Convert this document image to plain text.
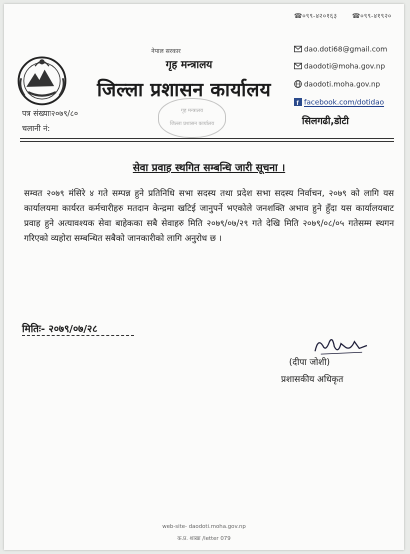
☎०९९-४२०१६३ ☎०९९-४१९२०
नेपाल सरकार
गृह मन्त्रालय
जिल्ला प्रशासन कार्यालय
गृह मन्त्रालय
जिल्ला प्रशासन कार्यालय
dao.doti68@gmail.com
daodoti@moha.gov.np
daodoti.moha.gov.np
f facebook.com/dotidao
पत्र संख्याः२०७९/८०
चलानी नं:
सिलगढी,डोटी
सेवा प्रवाह स्थगित सम्बन्धि जारी सूचना ।

सम्वत २०७९ मंसिरे ४ गते सम्पन्न हुने प्रतिनिधि सभा सदस्य तथा प्रदेश सभा सदस्य निर्वाचन, २०७९ को लागि यस कार्यालयमा कार्यरत कर्मचारीहरु मतदान केन्द्रमा खटिई जानुपर्ने भएकोले जनशक्ति अभाव हुने हुँदा यस कार्यालयबाट प्रवाह हुने अत्यावश्यक सेवा बाहेकका सबै सेवाहरु मिति २०७९/०७/२९ गते देखि मिति २०७९/०८/०५ गतेसम्म स्थगन गरिएको व्यहोरा सम्बन्धित सबैको जानकारीको लागि अनुरोध छ ।

मितिः- २०७९/०७/२८
(दीपा जोशी)
प्रशासकीय अधिकृत
web-site- daodoti.moha.gov.np
क.प्र. शाखा /letter 079
